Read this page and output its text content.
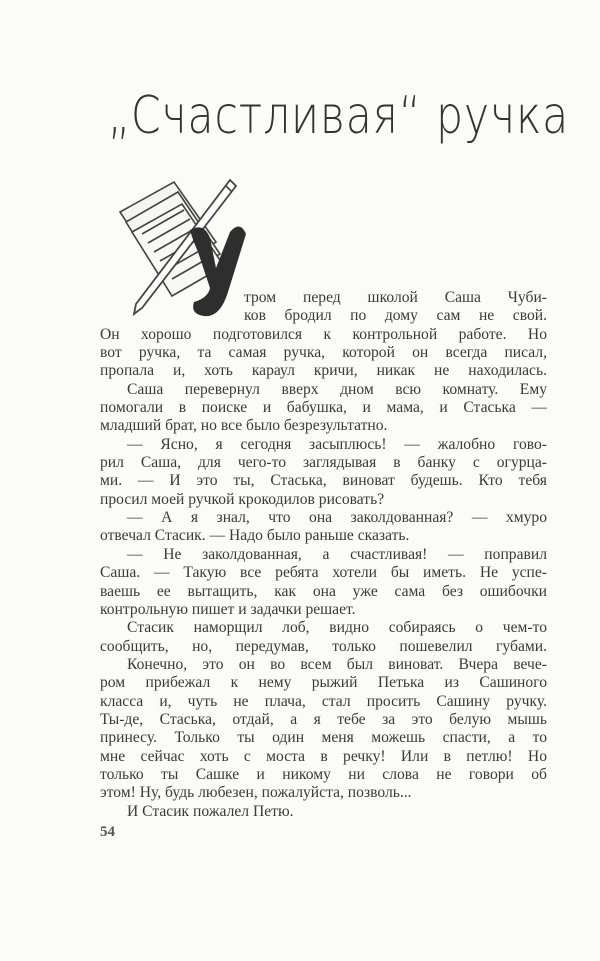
„Счастливая“ ручка
У
тром перед школой Саша Чуби-
ков бродил по дому сам не свой.
Он хорошо подготовился к контрольной работе. Но
вот ручка, та самая ручка, которой он всегда писал,
пропала и, хоть караул кричи, никак не находилась.
Саша перевернул вверх дном всю комнату. Ему
помогали в поиске и бабушка, и мама, и Стаська —
младший брат, но все было безрезультатно.
— Ясно, я сегодня засыплюсь! — жалобно гово-
рил Саша, для чего-то заглядывая в банку с огурца-
ми. — И это ты, Стаська, виноват будешь. Кто тебя
просил моей ручкой крокодилов рисовать?
— А я знал, что она заколдованная? — хмуро
отвечал Стасик. — Надо было раньше сказать.
— Не заколдованная, а счастливая! — поправил
Саша. — Такую все ребята хотели бы иметь. Не успе-
ваешь ее вытащить, как она уже сама без ошибочки
контрольную пишет и задачки решает.
Стасик наморщил лоб, видно собираясь о чем-то
сообщить, но, передумав, только пошевелил губами.
Конечно, это он во всем был виноват. Вчера вече-
ром прибежал к нему рыжий Петька из Сашиного
класса и, чуть не плача, стал просить Сашину ручку.
Ты-де, Стаська, отдай, а я тебе за это белую мышь
принесу. Только ты один меня можешь спасти, а то
мне сейчас хоть с моста в речку! Или в петлю! Но
только ты Сашке и никому ни слова не говори об
этом! Ну, будь любезен, пожалуйста, позволь...
И Стасик пожалел Петю.
54
